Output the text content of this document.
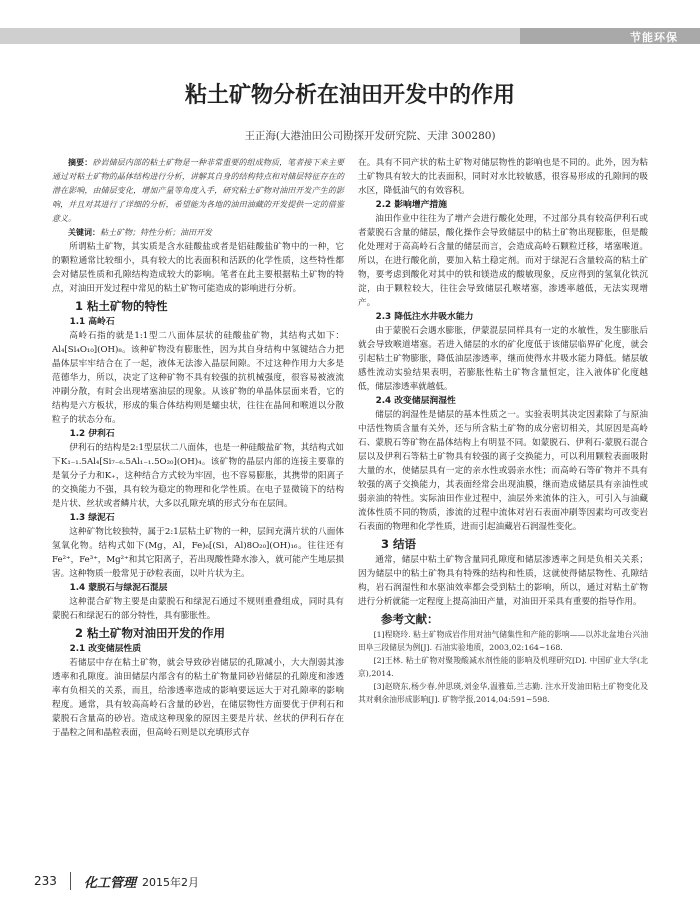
节能环保
粘土矿物分析在油田开发中的作用
王正海(大港油田公司勘探开发研究院、天津 300280)

摘要：砂岩储层内部的粘土矿物是一种非常重要的组成物质，笔者接下来主要通过对粘土矿物的晶体结构进行分析，讲解其自身的结构特点和对储层特征存在的潜在影响，由储层变化，增加产量等角度入手，研究粘土矿物对油田开发产生的影响，并且对其进行了详细的分析，希望能为各地的油田油藏的开发提供一定的借鉴意义。

关键词：粘土矿物；特性分析；油田开发

所谓粘土矿物，其实质是含水硅酸盐或者是铝硅酸盐矿物中的一种，它的颗粒通常比较细小，具有较大的比表面积和活跃的化学性质，这些特性都会对储层性质和孔隙结构造成较大的影响。笔者在此主要根据粘土矿物的特点，对油田开发过程中常见的粘土矿物可能造成的影响进行分析。

1 粘土矿物的特性

1.1 高岭石

高岭石指的就是1:1型二八面体层状的硅酸盐矿物，其结构式如下：Al₄[Si₄O₁₀](OH)₈。该种矿物没有膨胀性，因为其自身结构中氢键结合力把晶体层牢牢结合在了一起，液体无法渗入晶层间隙。不过这种作用力大多是范德华力，所以，决定了这种矿物不具有较强的抗机械强度，很容易被液流冲刷分散，有时会出现堵塞油层的现象。从该矿物的单晶体层面来看，它的结构是六方板状，形成的集合体结构则是蠕虫状，往往在晶间和喉道以分散粒子的状态分布。

1.2 伊利石

伊利石的结构是2:1型层状二八面体，也是一种硅酸盐矿物，其结构式如下K₁₋₁.5Al₄[Si₇₋₆.5Al₁₋₁.5O₂₀](OH)₄。该矿物的晶层内部的连接主要靠的是氧分子力和K₊，这种结合方式较为牢固，也不容易膨胀，其携带的阳离子的交换能力不强，具有较为稳定的物理和化学性质。在电子显微镜下的结构是片状、丝状或者鳞片状，大多以孔隙充填的形式分布在层间。

1.3 绿泥石

这种矿物比较独特，属于2:1层粘土矿物的一种，层间充满片状的八面体氢氧化物。结构式如下(Mg，Al，Fe)₆[(Si，Al)8O₂₀](OH)₁₆。往往还有Fe²⁺，Fe³⁺，Mg²⁺和其它阳离子，若出现酸性降水渗入，就可能产生地层损害。这种物质一般常见于砂粒表面，以叶片状为主。

1.4 蒙脱石与绿泥石混层

这种混合矿物主要是由蒙脱石和绿泥石通过不规则重叠组成，同时具有蒙脱石和绿泥石的部分特性，具有膨胀性。

2 粘土矿物对油田开发的作用

2.1 改变储层性质

若储层中存在粘土矿物，就会导致砂岩储层的孔隙减小，大大削弱其渗透率和孔隙度。油田储层内部含有的粘土矿物量同砂岩储层的孔隙度和渗透率有负相关的关系，而且，给渗透率造成的影响要远远大于对孔隙率的影响程度。通常，具有较高高岭石含量的砂岩，在储层物性方面要优于伊利石和蒙脱石含量高的砂岩。造成这种现象的原因主要是片状、丝状的伊利石存在于晶粒之间和晶粒表面，但高岭石则是以充填形式存

在。具有不同产状的粘土矿物对储层物性的影响也是不同的。此外，因为粘土矿物具有较大的比表面积，同时对水比较敏感，很容易形成的孔隙间的吸水区，降低油气的有效容积。

2.2 影响增产措施

油田作业中往往为了增产会进行酸化处理，不过部分具有较高伊利石或者蒙脱石含量的储层，酸化操作会导致储层中的粘土矿物出现膨胀，但是酸化处理对于高高岭石含量的储层而言，会造成高岭石颗粒迁移，堵塞喉道。所以，在进行酸化前，要加入粘土稳定剂。而对于绿泥石含量较高的粘土矿物，要考虑到酸化对其中的铁和镁造成的酸敏现象，反应得到的氢氧化铁沉淀，由于颗粒较大，往往会导致储层孔喉堵塞，渗透率越低，无法实现增产。

2.3 降低注水井吸水能力

由于蒙脱石会遇水膨胀，伊蒙混层同样具有一定的水敏性，发生膨胀后就会导致喉道堵塞。若进入储层的水的矿化度低于该储层临界矿化度，就会引起粘土矿物膨胀，降低油层渗透率，继而使得水井吸水能力降低。储层敏感性流动实验结果表明，若膨胀性粘土矿物含量恒定，注入液体矿化度越低，储层渗透率就越低。

2.4 改变储层润湿性

储层的润湿性是储层的基本性质之一。实验表明其决定因素除了与原油中活性物质含量有关外，还与所含粘土矿物的成分密切相关，其原因是高岭石、蒙脱石等矿物在晶体结构上有明显不同。如蒙脱石、伊利石-蒙脱石混合层以及伊利石等粘土矿物具有较强的离子交换能力，可以利用颗粒表面吸附大量的水，使储层具有一定的亲水性或弱亲水性；而高岭石等矿物并不具有较强的离子交换能力，其表面经常会出现油膜，继而造成储层具有亲油性或弱亲油的特性。实际油田作业过程中，油层外来流体的注入，可引入与油藏流体性质不同的物质，渗流的过程中流体对岩石表面冲刷等因素均可改变岩石表面的物理和化学性质，进而引起油藏岩石润湿性变化。

3 结语

通常，储层中粘土矿物含量同孔隙度和储层渗透率之间是负相关关系；因为储层中的粘土矿物具有特殊的结构和性质，这就使得储层物性、孔隙结构，岩石润湿性和水驱油效率都会受到粘土的影响，所以，通过对粘土矿物进行分析就能一定程度上提高油田产量，对油田开采具有重要的指导作用。

参考文献：

[1]程晓玲. 粘土矿物成岩作用对油气储集性和产能的影响——以苏北盆地台兴油田阜三段储层为例[J]. 石油实验地质，2003,02:164~168.

[2]王林. 粘土矿物对聚羧酸减水剂性能的影响及机理研究[D]. 中国矿业大学(北京),2014.

[3]赵晓东,杨少春,仲思瑛,刘金华,温雅茹,兰志勤. 注水开发油田粘土矿物变化及其对剩余油形成影响[J]. 矿物学报,2014,04:591~598.

233 化工管理 2015年2月
